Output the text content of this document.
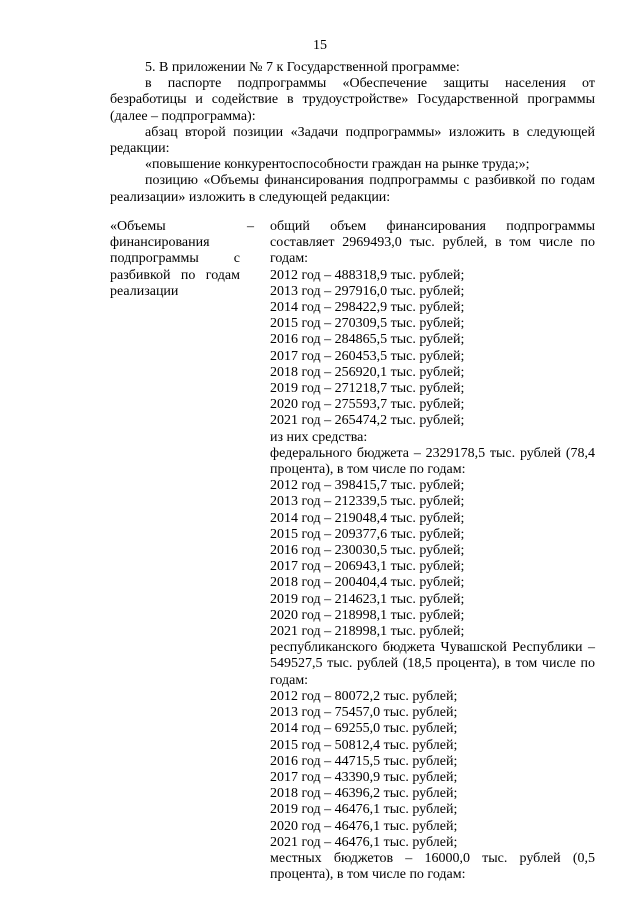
15

5. В приложении № 7 к Государственной программе:

в паспорте подпрограммы «Обеспечение защиты населения от безработицы и содействие в трудоустройстве» Государственной программы (далее – подпрограмма):

абзац второй позиции «Задачи подпрограммы» изложить в следующей редакции:

«повышение конкурентоспособности граждан на рынке труда;»;

позицию «Объемы финансирования подпрограммы с разбивкой по годам реализации» изложить в следующей редакции:

«Объемы финансирования подпрограммы с разбивкой по годам реализации
– общий объем финансирования подпрограммы составляет 2969493,0 тыс. рублей, в том числе по годам:
2012 год – 488318,9 тыс. рублей;
2013 год – 297916,0 тыс. рублей;
2014 год – 298422,9 тыс. рублей;
2015 год – 270309,5 тыс. рублей;
2016 год – 284865,5 тыс. рублей;
2017 год – 260453,5 тыс. рублей;
2018 год – 256920,1 тыс. рублей;
2019 год – 271218,7 тыс. рублей;
2020 год – 275593,7 тыс. рублей;
2021 год – 265474,2 тыс. рублей;
из них средства:
федерального бюджета – 2329178,5 тыс. рублей (78,4 процента), в том числе по годам:
2012 год – 398415,7 тыс. рублей;
2013 год – 212339,5 тыс. рублей;
2014 год – 219048,4 тыс. рублей;
2015 год – 209377,6 тыс. рублей;
2016 год – 230030,5 тыс. рублей;
2017 год – 206943,1 тыс. рублей;
2018 год – 200404,4 тыс. рублей;
2019 год – 214623,1 тыс. рублей;
2020 год – 218998,1 тыс. рублей;
2021 год – 218998,1 тыс. рублей;
республиканского бюджета Чувашской Республики – 549527,5 тыс. рублей (18,5 процента), в том числе по годам:
2012 год – 80072,2 тыс. рублей;
2013 год – 75457,0 тыс. рублей;
2014 год – 69255,0 тыс. рублей;
2015 год – 50812,4 тыс. рублей;
2016 год – 44715,5 тыс. рублей;
2017 год – 43390,9 тыс. рублей;
2018 год – 46396,2 тыс. рублей;
2019 год – 46476,1 тыс. рублей;
2020 год – 46476,1 тыс. рублей;
2021 год – 46476,1 тыс. рублей;
местных бюджетов – 16000,0 тыс. рублей (0,5 процента), в том числе по годам:
